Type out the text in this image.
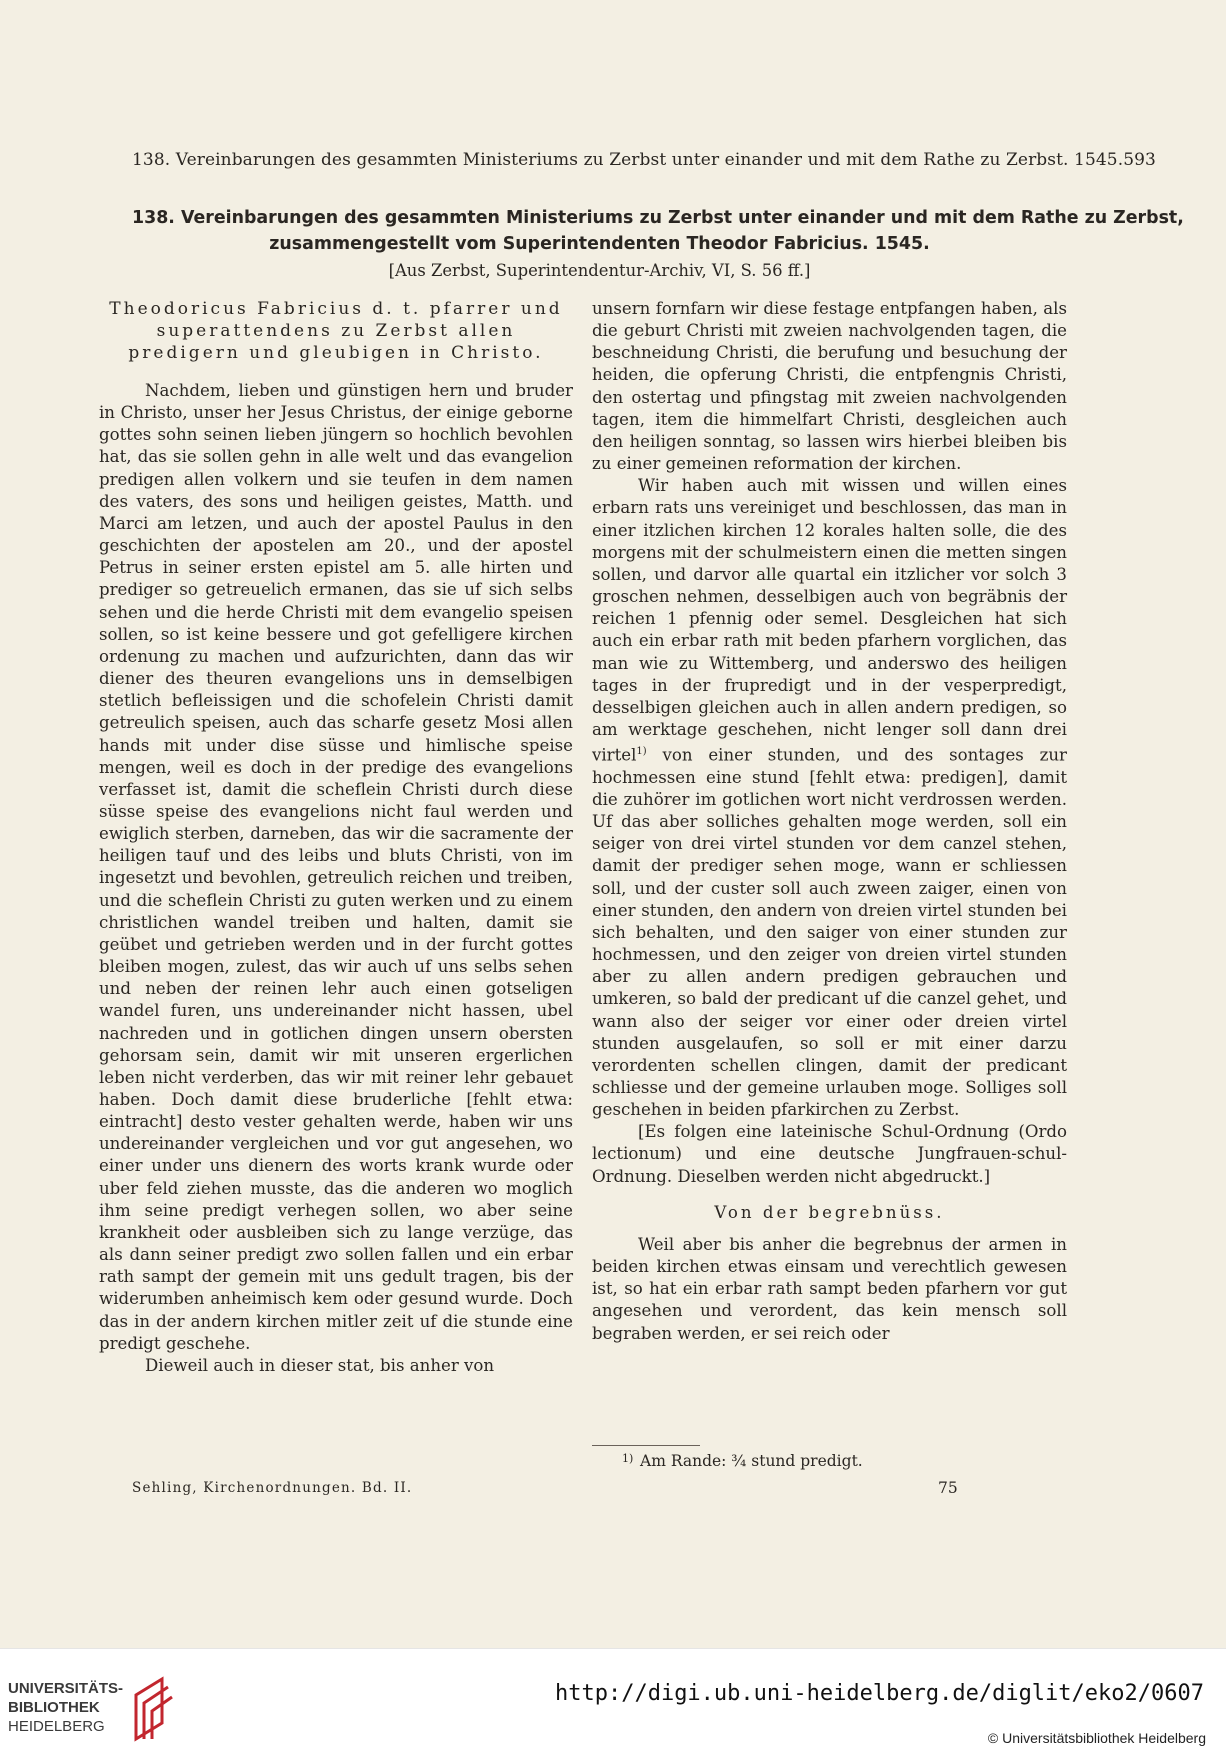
138. Vereinbarungen des gesammten Ministeriums zu Zerbst unter einander und mit dem Rathe zu Zerbst. 1545. 593
138. Vereinbarungen des gesammten Ministeriums zu Zerbst unter einander und mit dem Rathe zu Zerbst,
zusammengestellt vom Superintendenten Theodor Fabricius. 1545.
[Aus Zerbst, Superintendentur-Archiv, VI, S. 56 ff.]

Theodoricus Fabricius d. t. pfarrer und superattendens zu Zerbst allen predigern und gleubigen in Christo.

Nachdem, lieben und günstigen hern und bruder in Christo, unser her Jesus Christus, der einige geborne gottes sohn seinen lieben jüngern so hochlich bevohlen hat, das sie sollen gehn in alle welt und das evangelion predigen allen volkern und sie teufen in dem namen des vaters, des sons und heiligen geistes, Matth. und Marci am letzen, und auch der apostel Paulus in den geschichten der apostelen am 20., und der apostel Petrus in seiner ersten epistel am 5. alle hirten und prediger so getreuelich ermanen, das sie uf sich selbs sehen und die herde Christi mit dem evangelio speisen sollen, so ist keine bessere und got gefelligere kirchen ordenung zu machen und aufzurichten, dann das wir diener des theuren evangelions uns in demselbigen stetlich befleissigen und die schofelein Christi damit getreulich speisen, auch das scharfe gesetz Mosi allen hands mit under dise süsse und himlische speise mengen, weil es doch in der predige des evangelions verfasset ist, damit die scheflein Christi durch diese süsse speise des evangelions nicht faul werden und ewiglich sterben, darneben, das wir die sacramente der heiligen tauf und des leibs und bluts Christi, von im ingesetzt und bevohlen, getreulich reichen und treiben, und die scheflein Christi zu guten werken und zu einem christlichen wandel treiben und halten, damit sie geübet und getrieben werden und in der furcht gottes bleiben mogen, zulest, das wir auch uf uns selbs sehen und neben der reinen lehr auch einen gotseligen wandel furen, uns undereinander nicht hassen, ubel nachreden und in gotlichen dingen unsern obersten gehorsam sein, damit wir mit unseren ergerlichen leben nicht verderben, das wir mit reiner lehr gebauet haben. Doch damit diese bruderliche [fehlt etwa: eintracht] desto vester gehalten werde, haben wir uns undereinander vergleichen und vor gut angesehen, wo einer under uns dienern des worts krank wurde oder uber feld ziehen musste, das die anderen wo moglich ihm seine predigt verhegen sollen, wo aber seine krankheit oder ausbleiben sich zu lange verzüge, das als dann seiner predigt zwo sollen fallen und ein erbar rath sampt der gemein mit uns gedult tragen, bis der widerumben anheimisch kem oder gesund wurde. Doch das in der andern kirchen mitler zeit uf die stunde eine predigt geschehe.

Dieweil auch in dieser stat, bis anher von

unsern fornfarn wir diese festage entpfangen haben, als die geburt Christi mit zweien nachvolgenden tagen, die beschneidung Christi, die berufung und besuchung der heiden, die opferung Christi, die entpfengnis Christi, den ostertag und pfingstag mit zweien nachvolgenden tagen, item die himmelfart Christi, desgleichen auch den heiligen sonntag, so lassen wirs hierbei bleiben bis zu einer gemeinen reformation der kirchen.

Wir haben auch mit wissen und willen eines erbarn rats uns vereiniget und beschlossen, das man in einer itzlichen kirchen 12 korales halten solle, die des morgens mit der schulmeistern einen die metten singen sollen, und darvor alle quartal ein itzlicher vor solch 3 groschen nehmen, desselbigen auch von begräbnis der reichen 1 pfennig oder semel. Desgleichen hat sich auch ein erbar rath mit beden pfarhern vorglichen, das man wie zu Wittemberg, und anderswo des heiligen tages in der frupredigt und in der vesperpredigt, desselbigen gleichen auch in allen andern predigen, so am werktage geschehen, nicht lenger soll dann drei virtel$^{1)}$ von einer stunden, und des sontages zur hochmessen eine stund [fehlt etwa: predigen], damit die zuhörer im gotlichen wort nicht verdrossen werden. Uf das aber solliches gehalten moge werden, soll ein seiger von drei virtel stunden vor dem canzel stehen, damit der prediger sehen moge, wann er schliessen soll, und der custer soll auch zween zaiger, einen von einer stunden, den andern von dreien virtel stunden bei sich behalten, und den saiger von einer stunden zur hochmessen, und den zeiger von dreien virtel stunden aber zu allen andern predigen gebrauchen und umkeren, so bald der predicant uf die canzel gehet, und wann also der seiger vor einer oder dreien virtel stunden ausgelaufen, so soll er mit einer darzu verordenten schellen clingen, damit der predicant schliesse und der gemeine urlauben moge. Solliges soll geschehen in beiden pfarkirchen zu Zerbst.

[Es folgen eine lateinische Schul-Ordnung (Ordo lectionum) und eine deutsche Jungfrauen-schul-Ordnung. Dieselben werden nicht abgedruckt.]

Von der begrebnüss.

Weil aber bis anher die begrebnus der armen in beiden kirchen etwas einsam und verechtlich gewesen ist, so hat ein erbar rath sampt beden pfarhern vor gut angesehen und verordent, das kein mensch soll begraben werden, er sei reich oder

1) Am Rande: ¾ stund predigt.
Sehling, Kirchenordnungen. Bd. II.	75
UNIVERSITÄTS-
BIBLIOTHEK
HEIDELBERG
http://digi.ub.uni-heidelberg.de/diglit/eko2/0607
© Universitätsbibliothek Heidelberg
